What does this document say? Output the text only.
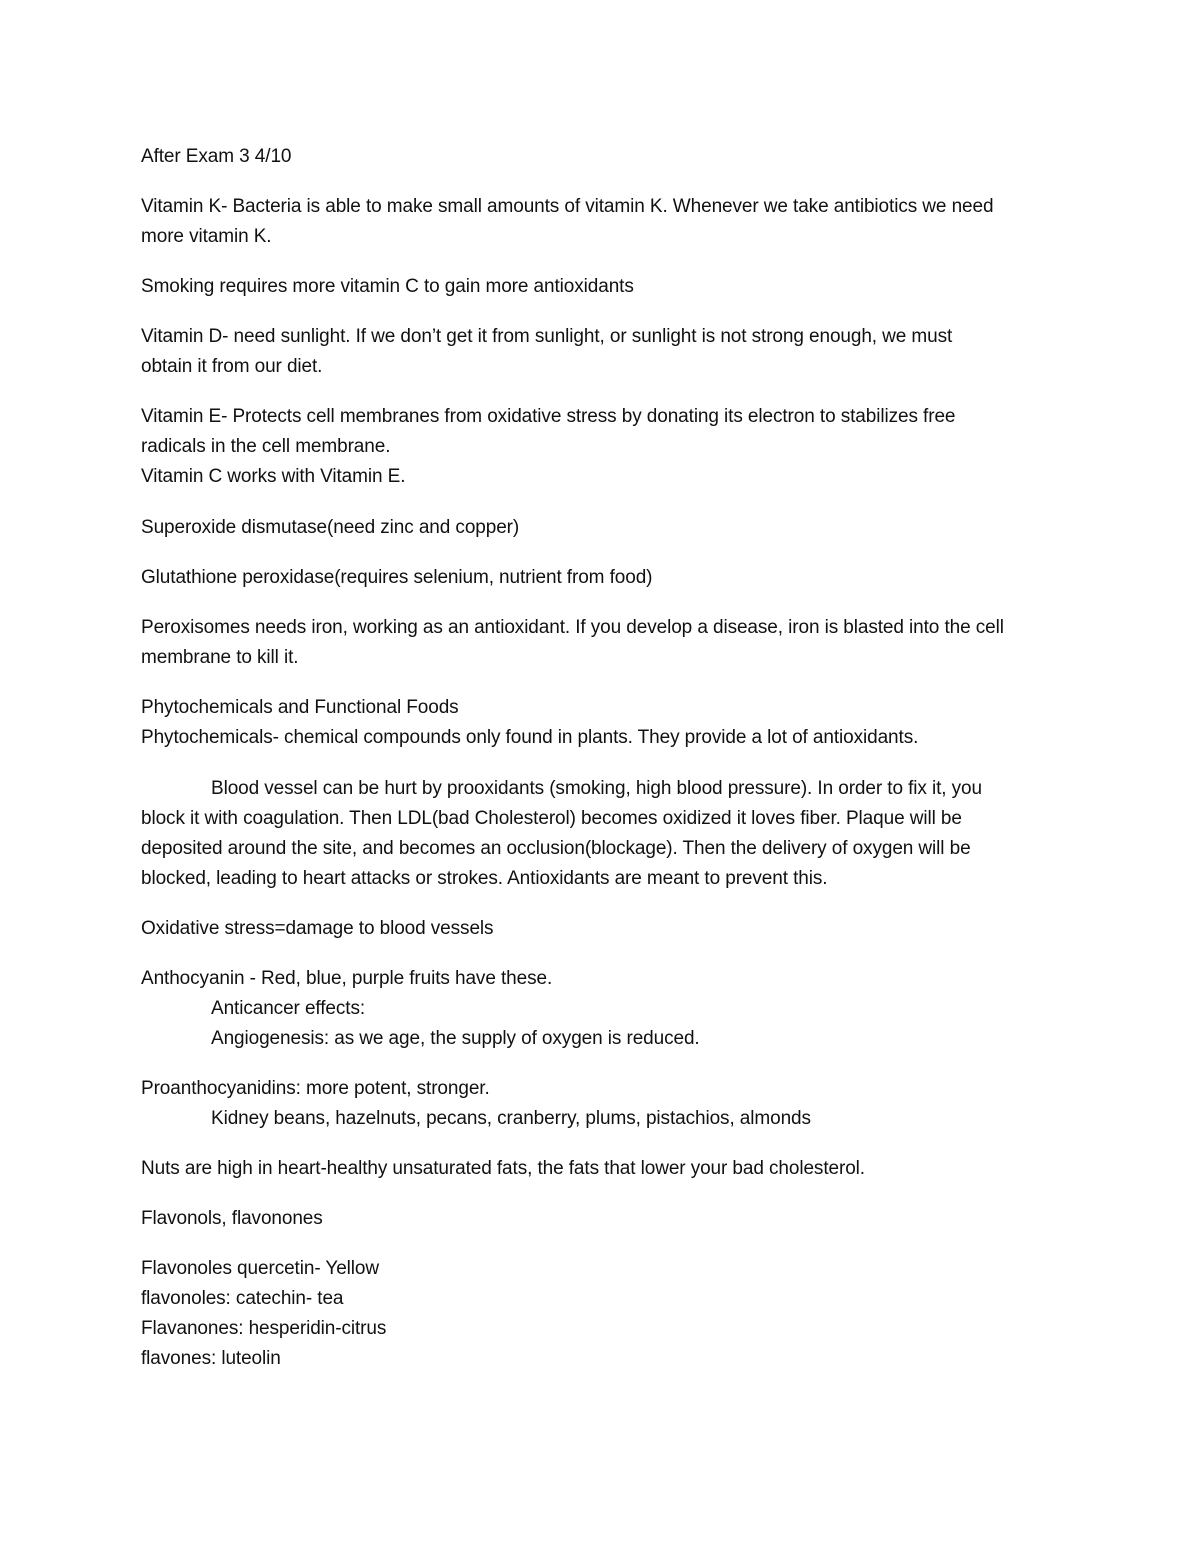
After Exam 3 4/10
Vitamin K- Bacteria is able to make small amounts of vitamin K. Whenever we take antibiotics we need
more vitamin K.
Smoking requires more vitamin C to gain more antioxidants
Vitamin D- need sunlight. If we don’t get it from sunlight, or sunlight is not strong enough, we must
obtain it from our diet.
Vitamin E- Protects cell membranes from oxidative stress by donating its electron to stabilizes free
radicals in the cell membrane.
Vitamin C works with Vitamin E.
Superoxide dismutase(need zinc and copper)
Glutathione peroxidase(requires selenium, nutrient from food)
Peroxisomes needs iron, working as an antioxidant. If you develop a disease, iron is blasted into the cell
membrane to kill it.
Phytochemicals and Functional Foods
Phytochemicals- chemical compounds only found in plants. They provide a lot of antioxidants.
Blood vessel can be hurt by prooxidants (smoking, high blood pressure). In order to fix it, you
block it with coagulation. Then LDL(bad Cholesterol) becomes oxidized it loves fiber. Plaque will be
deposited around the site, and becomes an occlusion(blockage). Then the delivery of oxygen will be
blocked, leading to heart attacks or strokes. Antioxidants are meant to prevent this.
Oxidative stress=damage to blood vessels
Anthocyanin - Red, blue, purple fruits have these.
Anticancer effects:
Angiogenesis: as we age, the supply of oxygen is reduced.
Proanthocyanidins: more potent, stronger.
Kidney beans, hazelnuts, pecans, cranberry, plums, pistachios, almonds
Nuts are high in heart-healthy unsaturated fats, the fats that lower your bad cholesterol.
Flavonols, flavonones
Flavonoles quercetin- Yellow
flavonoles: catechin- tea
Flavanones: hesperidin-citrus
flavones: luteolin
